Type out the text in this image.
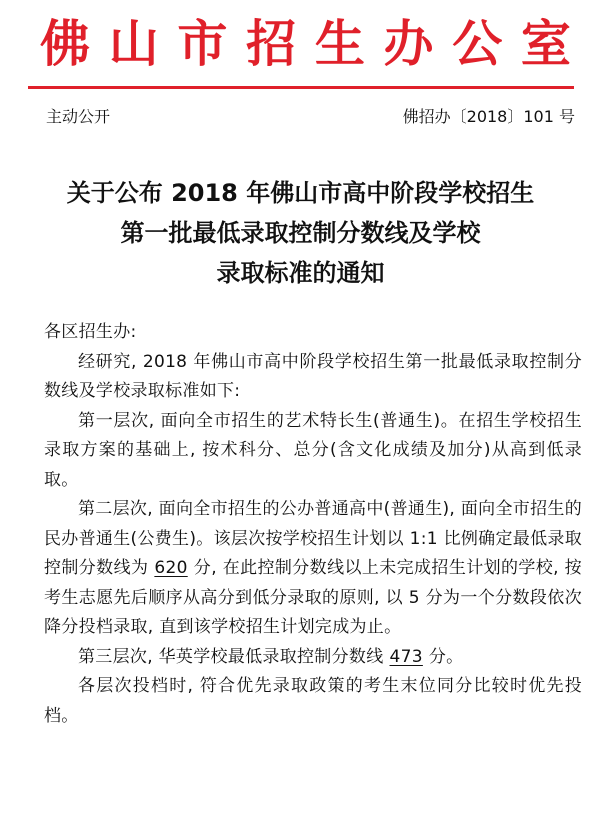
佛 山 市 招 生 办 公 室
主动公开	佛招办〔2018〕101 号
关于公布 2018 年佛山市高中阶段学校招生
第一批最低录取控制分数线及学校
录取标准的通知

各区招生办:

经研究, 2018 年佛山市高中阶段学校招生第一批最低录取控制分数线及学校录取标准如下:

第一层次, 面向全市招生的艺术特长生(普通生)。在招生学校招生录取方案的基础上, 按术科分、总分(含文化成绩及加分)从高到低录取。

第二层次, 面向全市招生的公办普通高中(普通生), 面向全市招生的民办普通生(公费生)。该层次按学校招生计划以 1:1 比例确定最低录取控制分数线为 620 分, 在此控制分数线以上未完成招生计划的学校, 按考生志愿先后顺序从高分到低分录取的原则, 以 5 分为一个分数段依次降分投档录取, 直到该学校招生计划完成为止。

第三层次, 华英学校最低录取控制分数线 473 分。

各层次投档时, 符合优先录取政策的考生末位同分比较时优先投档。
